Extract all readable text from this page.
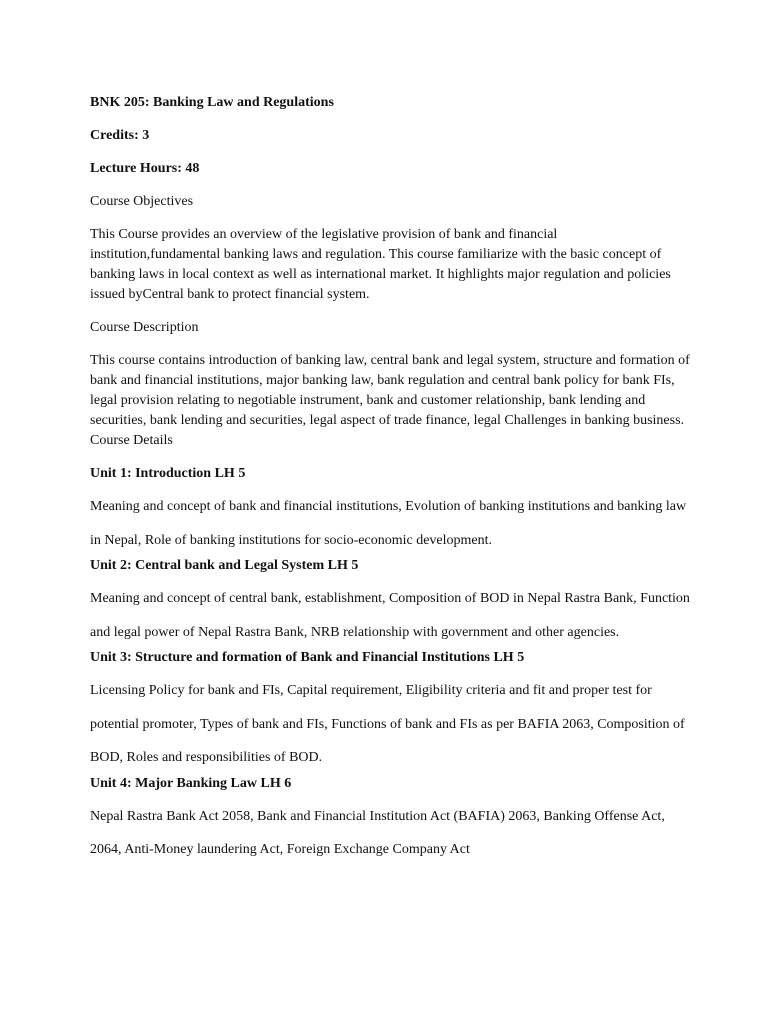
BNK 205: Banking Law and Regulations

Credits: 3

Lecture Hours: 48

Course Objectives

This Course provides an overview of the legislative provision of bank and financial institution,fundamental banking laws and regulation. This course familiarize with the basic concept of banking laws in local context as well as international market. It highlights major regulation and policies issued byCentral bank to protect financial system.

Course Description

This course contains introduction of banking law, central bank and legal system, structure and formation of bank and financial institutions, major banking law, bank regulation and central bank policy for bank FIs, legal provision relating to negotiable instrument, bank and customer relationship, bank lending and securities, bank lending and securities, legal aspect of trade finance, legal Challenges in banking business. Course Details

Unit 1: Introduction LH 5

Meaning and concept of bank and financial institutions, Evolution of banking institutions and banking law in Nepal, Role of banking institutions for socio-economic development.

Unit 2: Central bank and Legal System LH 5

Meaning and concept of central bank, establishment, Composition of BOD in Nepal Rastra Bank, Function and legal power of Nepal Rastra Bank, NRB relationship with government and other agencies.

Unit 3: Structure and formation of Bank and Financial Institutions LH 5

Licensing Policy for bank and FIs, Capital requirement, Eligibility criteria and fit and proper test for potential promoter, Types of bank and FIs, Functions of bank and FIs as per BAFIA 2063, Composition of BOD, Roles and responsibilities of BOD.

Unit 4: Major Banking Law LH 6

Nepal Rastra Bank Act 2058, Bank and Financial Institution Act (BAFIA) 2063, Banking Offense Act, 2064, Anti-Money laundering Act, Foreign Exchange Company Act
